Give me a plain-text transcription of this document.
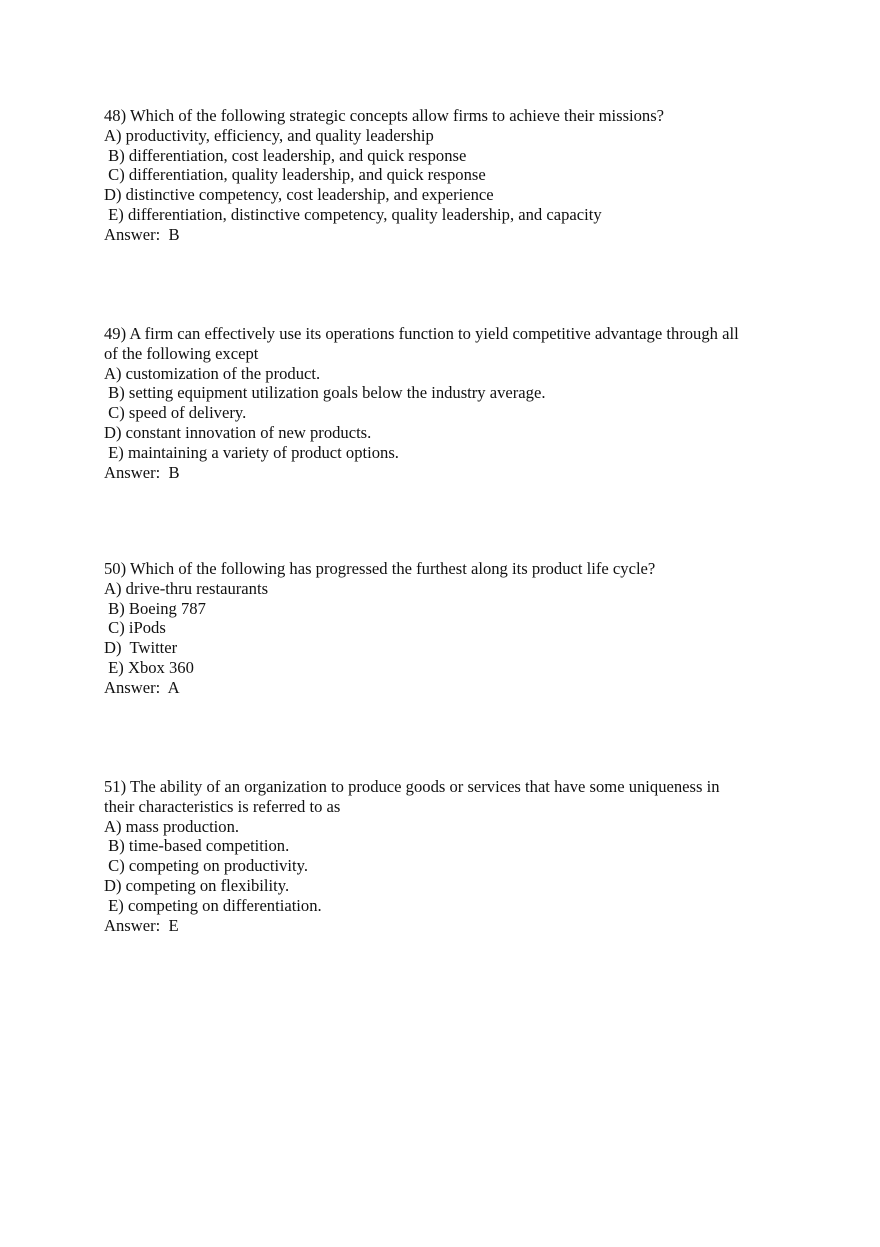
48) Which of the following strategic concepts allow firms to achieve their missions?
A) productivity, efficiency, and quality leadership
B) differentiation, cost leadership, and quick response
C) differentiation, quality leadership, and quick response
D) distinctive competency, cost leadership, and experience
E) differentiation, distinctive competency, quality leadership, and capacity
Answer:  B
49) A firm can effectively use its operations function to yield competitive advantage through all
of the following except
A) customization of the product.
B) setting equipment utilization goals below the industry average.
C) speed of delivery.
D) constant innovation of new products.
E) maintaining a variety of product options.
Answer:  B
50) Which of the following has progressed the furthest along its product life cycle?
A) drive-thru restaurants
B) Boeing 787
C) iPods
D)  Twitter
E) Xbox 360
Answer:  A
51) The ability of an organization to produce goods or services that have some uniqueness in
their characteristics is referred to as
A) mass production.
B) time-based competition.
C) competing on productivity.
D) competing on flexibility.
E) competing on differentiation.
Answer:  E
